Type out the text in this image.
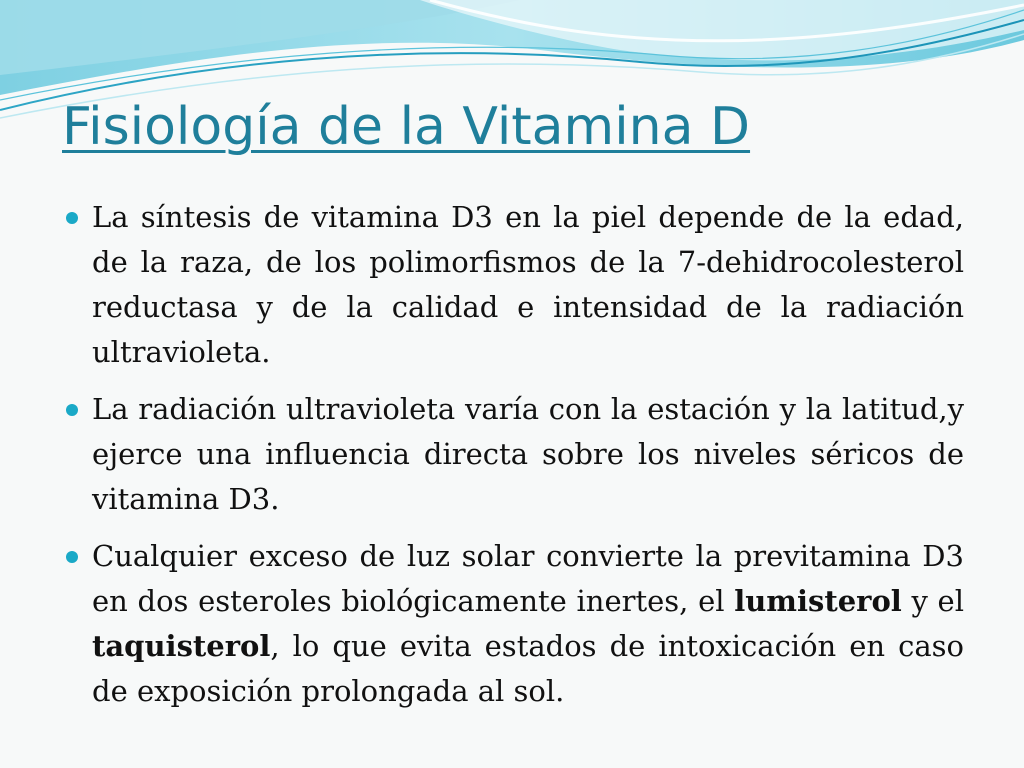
Fisiología de la Vitamina D
La síntesis de vitamina D3 en la piel depende de la edad, de la raza, de los polimorfismos de la 7-dehidrocolesterol reductasa y de la calidad e intensidad de la radiación ultravioleta.
La radiación ultravioleta varía con la estación y la latitud,y ejerce una influencia directa sobre los niveles séricos de vitamina D3.
Cualquier exceso de luz solar convierte la previtamina D3 en dos esteroles biológicamente inertes, el lumisterol y el taquisterol, lo que evita estados de intoxicación en caso de exposición prolongada al sol.
